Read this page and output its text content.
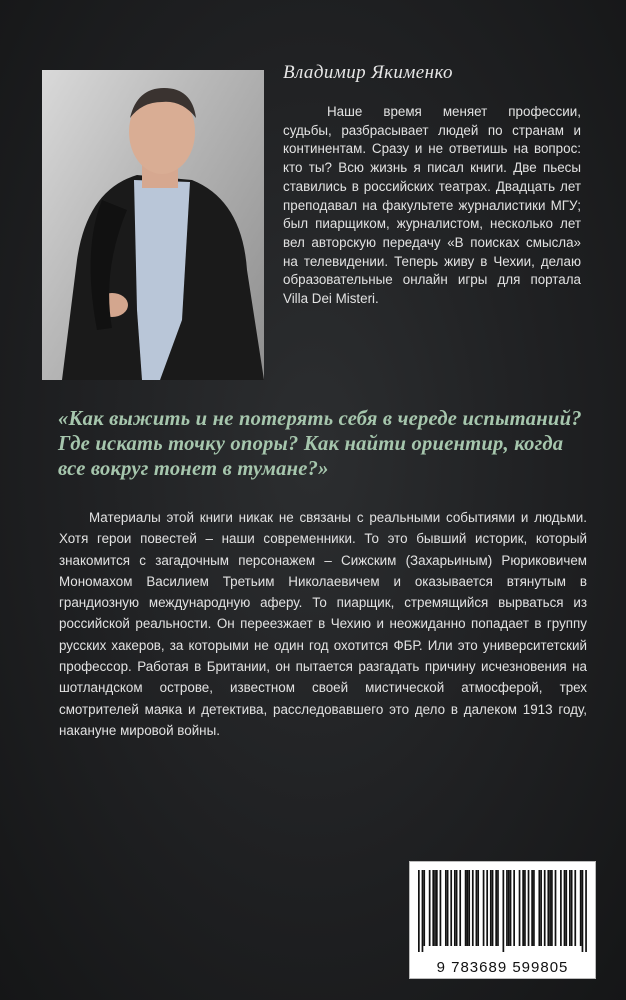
Владимир Якименко
Наше время меняет профессии, судьбы, разбрасывает людей по странам и континентам. Сразу и не ответишь на вопрос: кто ты? Всю жизнь я писал книги. Две пьесы ставились в российских театрах. Двадцать лет преподавал на факультете журналистики МГУ; был пиарщиком, журналистом, несколько лет вел авторскую передачу «В поисках смысла» на телевидении. Теперь живу в Чехии, делаю образовательные онлайн игры для портала Villa Dei Misteri.
«Как выжить и не потерять себя в череде испытаний? Где искать точку опоры? Как найти ориентир, когда все вокруг тонет в тумане?»
Материалы этой книги никак не связаны с реальными событиями и людьми. Хотя герои повестей – наши современники. То это бывший историк, который знакомится с загадочным персонажем – Сижским (Захарьиным) Рюриковичем Мономахом Василием Третьим Николаевичем и оказывается втянутым в грандиозную международную аферу. То пиарщик, стремящийся вырваться из российской реальности. Он переезжает в Чехию и неожиданно попадает в группу русских хакеров, за которыми не один год охотится ФБР. Или это университетский профессор. Работая в Британии, он пытается разгадать причину исчезновения на шотландском острове, известном своей мистической атмосферой, трех смотрителей маяка и детектива, расследовавшего это дело в далеком 1913 году, накануне мировой войны.
9 783689 599805
